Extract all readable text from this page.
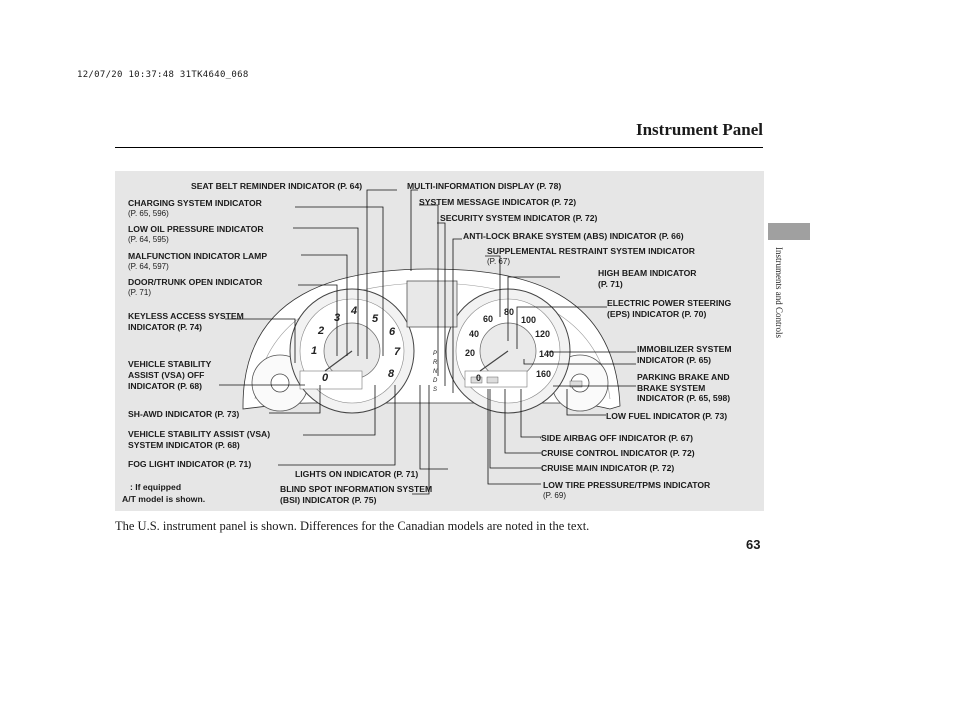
12/07/20 10:37:48 31TK4640_068
Instrument Panel
Instruments and Controls
0
1
2
3
4
5
6
7
8	0
20
40
60
80
100
120
140
160
P
R
N
D
S
SEAT BELT REMINDER INDICATOR (P. 64)	MULTI-INFORMATION DISPLAY (P. 78)
CHARGING SYSTEM INDICATOR
(P. 65, 596)
SYSTEM MESSAGE INDICATOR (P. 72)
SECURITY SYSTEM INDICATOR (P. 72)
LOW OIL PRESSURE INDICATOR
(P. 64, 595)	ANTI-LOCK BRAKE SYSTEM (ABS) INDICATOR (P. 66)
SUPPLEMENTAL RESTRAINT SYSTEM INDICATOR
(P. 67)
MALFUNCTION INDICATOR LAMP
(P. 64, 597)
HIGH BEAM INDICATOR
(P. 71)
DOOR/TRUNK OPEN INDICATOR
(P. 71)
ELECTRIC POWER STEERING
(EPS) INDICATOR (P. 70)
KEYLESS ACCESS SYSTEM
INDICATOR (P. 74)
IMMOBILIZER SYSTEM
INDICATOR (P. 65)
VEHICLE STABILITY
ASSIST (VSA) OFF
INDICATOR (P. 68)
PARKING BRAKE AND
BRAKE SYSTEM
INDICATOR (P. 65, 598)
SH-AWD INDICATOR (P. 73)	LOW FUEL INDICATOR (P. 73)
VEHICLE STABILITY ASSIST (VSA)
SYSTEM INDICATOR (P. 68)
SIDE AIRBAG OFF INDICATOR (P. 67)
CRUISE CONTROL INDICATOR (P. 72)
FOG LIGHT INDICATOR (P. 71)	CRUISE MAIN INDICATOR (P. 72)
LIGHTS ON INDICATOR (P. 71)
LOW TIRE PRESSURE/TPMS INDICATOR
(P. 69)
BLIND SPOT INFORMATION SYSTEM
(BSI) INDICATOR (P. 75)
: If equipped
A/T model is shown.
The U.S. instrument panel is shown. Differences for the Canadian models are noted in the text.
63
